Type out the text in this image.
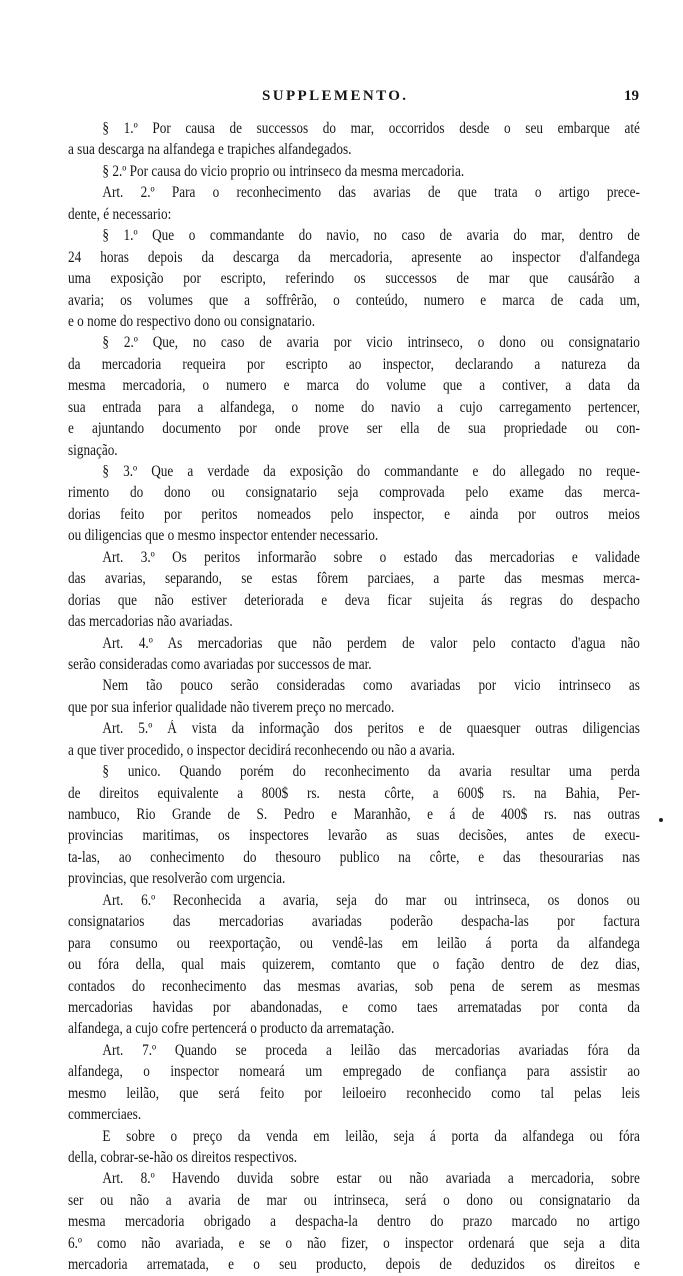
SUPPLEMENTO.	19
§ 1.º Por causa de successos do mar, occorridos desde o seu embarque até
a sua descarga na alfandega e trapiches alfandegados.
§ 2.º Por causa do vicio proprio ou intrinseco da mesma mercadoria.
Art. 2.º Para o reconhecimento das avarias de que trata o artigo prece-
dente, é necessario:
§ 1.º Que o commandante do navio, no caso de avaria do mar, dentro de
24 horas depois da descarga da mercadoria, apresente ao inspector d'alfandega
uma exposição por escripto, referindo os successos de mar que causárão a
avaria; os volumes que a soffrêrão, o conteúdo, numero e marca de cada um,
e o nome do respectivo dono ou consignatario.
§ 2.º Que, no caso de avaria por vicio intrinseco, o dono ou consignatario
da mercadoria requeira por escripto ao inspector, declarando a natureza da
mesma mercadoria, o numero e marca do volume que a contiver, a data da
sua entrada para a alfandega, o nome do navio a cujo carregamento pertencer,
e ajuntando documento por onde prove ser ella de sua propriedade ou con-
signação.
§ 3.º Que a verdade da exposição do commandante e do allegado no reque-
rimento do dono ou consignatario seja comprovada pelo exame das merca-
dorias feito por peritos nomeados pelo inspector, e ainda por outros meios
ou diligencias que o mesmo inspector entender necessario.
Art. 3.º Os peritos informarão sobre o estado das mercadorias e validade
das avarias, separando, se estas fôrem parciaes, a parte das mesmas merca-
dorias que não estiver deteriorada e deva ficar sujeita ás regras do despacho
das mercadorias não avariadas.
Art. 4.º As mercadorias que não perdem de valor pelo contacto d'agua não
serão consideradas como avariadas por successos de mar.
Nem tão pouco serão consideradas como avariadas por vicio intrinseco as
que por sua inferior qualidade não tiverem preço no mercado.
Art. 5.º Á vista da informação dos peritos e de quaesquer outras diligencias
a que tiver procedido, o inspector decidirá reconhecendo ou não a avaria.
§ unico. Quando porém do reconhecimento da avaria resultar uma perda
de direitos equivalente a 800$ rs. nesta côrte, a 600$ rs. na Bahia, Per-
nambuco, Rio Grande de S. Pedro e Maranhão, e á de 400$ rs. nas outras
provincias maritimas, os inspectores levarão as suas decisões, antes de execu-
ta-las, ao conhecimento do thesouro publico na côrte, e das thesourarias nas
provincias, que resolverão com urgencia.
Art. 6.º Reconhecida a avaria, seja do mar ou intrinseca, os donos ou
consignatarios das mercadorias avariadas poderão despacha-las por factura
para consumo ou reexportação, ou vendê-las em leilão á porta da alfandega
ou fóra della, qual mais quizerem, comtanto que o fação dentro de dez dias,
contados do reconhecimento das mesmas avarias, sob pena de serem as mesmas
mercadorias havidas por abandonadas, e como taes arrematadas por conta da
alfandega, a cujo cofre pertencerá o producto da arrematação.
Art. 7.º Quando se proceda a leilão das mercadorias avariadas fóra da
alfandega, o inspector nomeará um empregado de confiança para assistir ao
mesmo leilão, que será feito por leiloeiro reconhecido como tal pelas leis
commerciaes.
E sobre o preço da venda em leilão, seja á porta da alfandega ou fóra
della, cobrar-se-hão os direitos respectivos.
Art. 8.º Havendo duvida sobre estar ou não avariada a mercadoria, sobre
ser ou não a avaria de mar ou intrinseca, será o dono ou consignatario da
mesma mercadoria obrigado a despacha-la dentro do prazo marcado no artigo
6.º como não avariada, e se o não fizer, o inspector ordenará que seja a dita
mercadoria arrematada, e o seu producto, depois de deduzidos os direitos e
